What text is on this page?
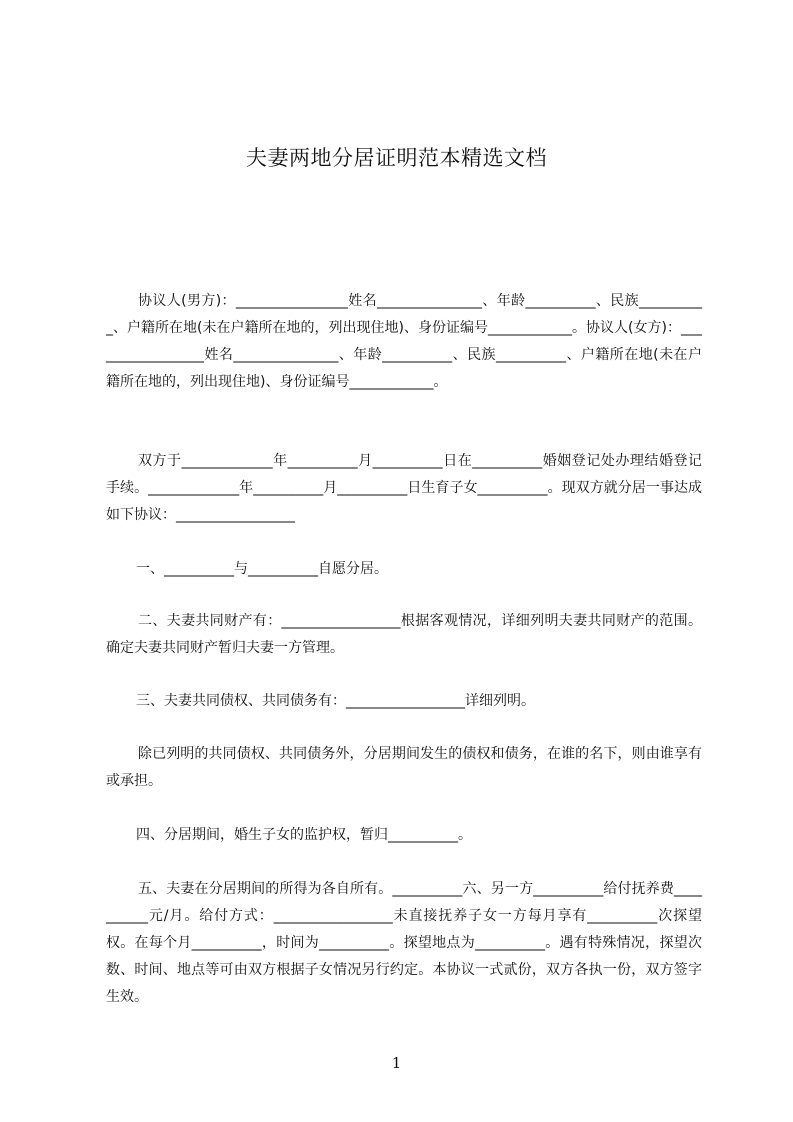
夫妻两地分居证明范本精选文档

协议人(男方)：________________姓名_______________、年龄__________、民族__________、户籍所在地(未在户籍所在地的，列出现住地)、身份证编号____________。协议人(女方)：_________________姓名_______________、年龄__________、民族__________、户籍所在地(未在户籍所在地的，列出现住地)、身份证编号____________。

双方于_____________年__________月__________日在__________婚姻登记处办理结婚登记手续。_____________年__________月__________日生育子女__________。现双方就分居一事达成如下协议：_________________

一、__________与__________自愿分居。

二、夫妻共同财产有：_________________根据客观情况，详细列明夫妻共同财产的范围。确定夫妻共同财产暂归夫妻一方管理。

三、夫妻共同债权、共同债务有：_________________详细列明。

除已列明的共同债权、共同债务外，分居期间发生的债权和债务，在谁的名下，则由谁享有或承担。

四、分居期间，婚生子女的监护权，暂归__________。

五、夫妻在分居期间的所得为各自所有。__________六、另一方__________给付抚养费__________元/月。给付方式：_________________未直接抚养子女一方每月享有__________次探望权。在每个月__________，时间为__________。探望地点为__________。遇有特殊情况，探望次数、时间、地点等可由双方根据子女情况另行约定。本协议一式贰份，双方各执一份，双方签字生效。

1
